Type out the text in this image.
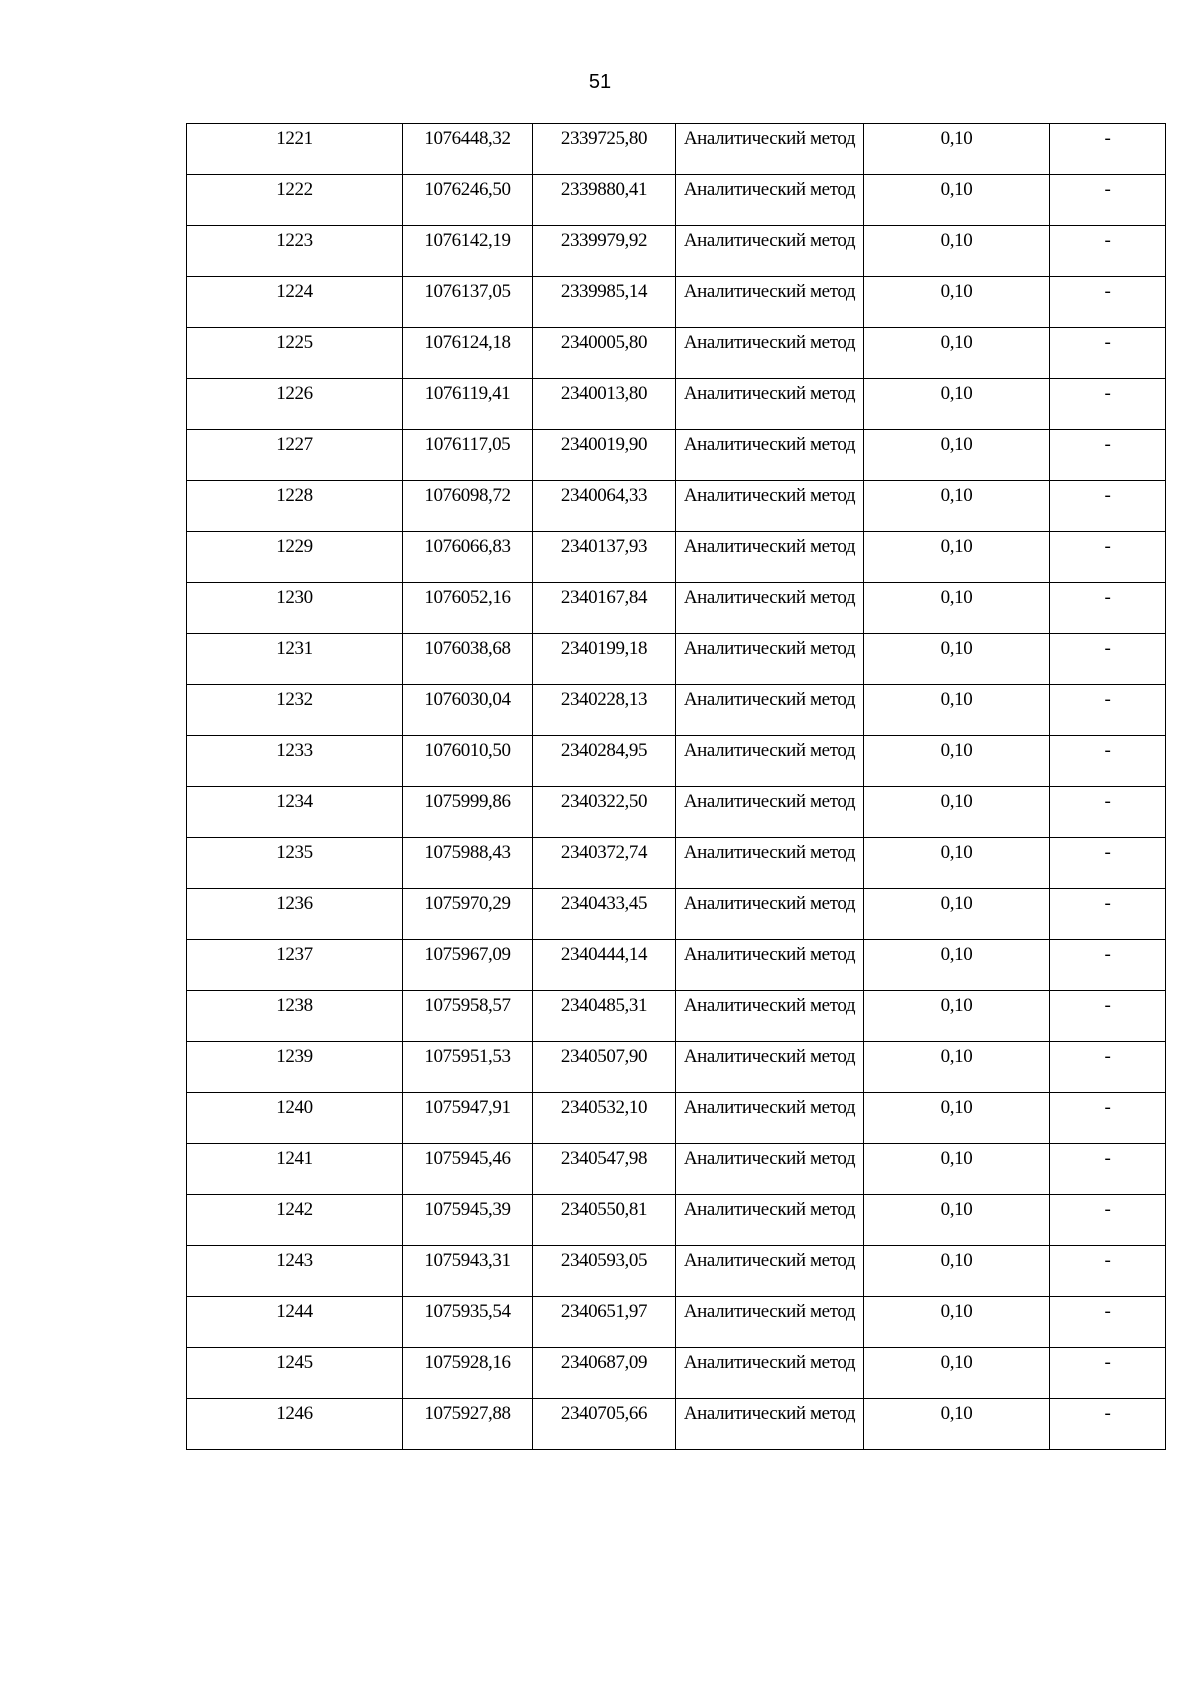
51
1221	1076448,32	2339725,80	Аналитический метод	0,10	-
1222	1076246,50	2339880,41	Аналитический метод	0,10	-
1223	1076142,19	2339979,92	Аналитический метод	0,10	-
1224	1076137,05	2339985,14	Аналитический метод	0,10	-
1225	1076124,18	2340005,80	Аналитический метод	0,10	-
1226	1076119,41	2340013,80	Аналитический метод	0,10	-
1227	1076117,05	2340019,90	Аналитический метод	0,10	-
1228	1076098,72	2340064,33	Аналитический метод	0,10	-
1229	1076066,83	2340137,93	Аналитический метод	0,10	-
1230	1076052,16	2340167,84	Аналитический метод	0,10	-
1231	1076038,68	2340199,18	Аналитический метод	0,10	-
1232	1076030,04	2340228,13	Аналитический метод	0,10	-
1233	1076010,50	2340284,95	Аналитический метод	0,10	-
1234	1075999,86	2340322,50	Аналитический метод	0,10	-
1235	1075988,43	2340372,74	Аналитический метод	0,10	-
1236	1075970,29	2340433,45	Аналитический метод	0,10	-
1237	1075967,09	2340444,14	Аналитический метод	0,10	-
1238	1075958,57	2340485,31	Аналитический метод	0,10	-
1239	1075951,53	2340507,90	Аналитический метод	0,10	-
1240	1075947,91	2340532,10	Аналитический метод	0,10	-
1241	1075945,46	2340547,98	Аналитический метод	0,10	-
1242	1075945,39	2340550,81	Аналитический метод	0,10	-
1243	1075943,31	2340593,05	Аналитический метод	0,10	-
1244	1075935,54	2340651,97	Аналитический метод	0,10	-
1245	1075928,16	2340687,09	Аналитический метод	0,10	-
1246	1075927,88	2340705,66	Аналитический метод	0,10	-
